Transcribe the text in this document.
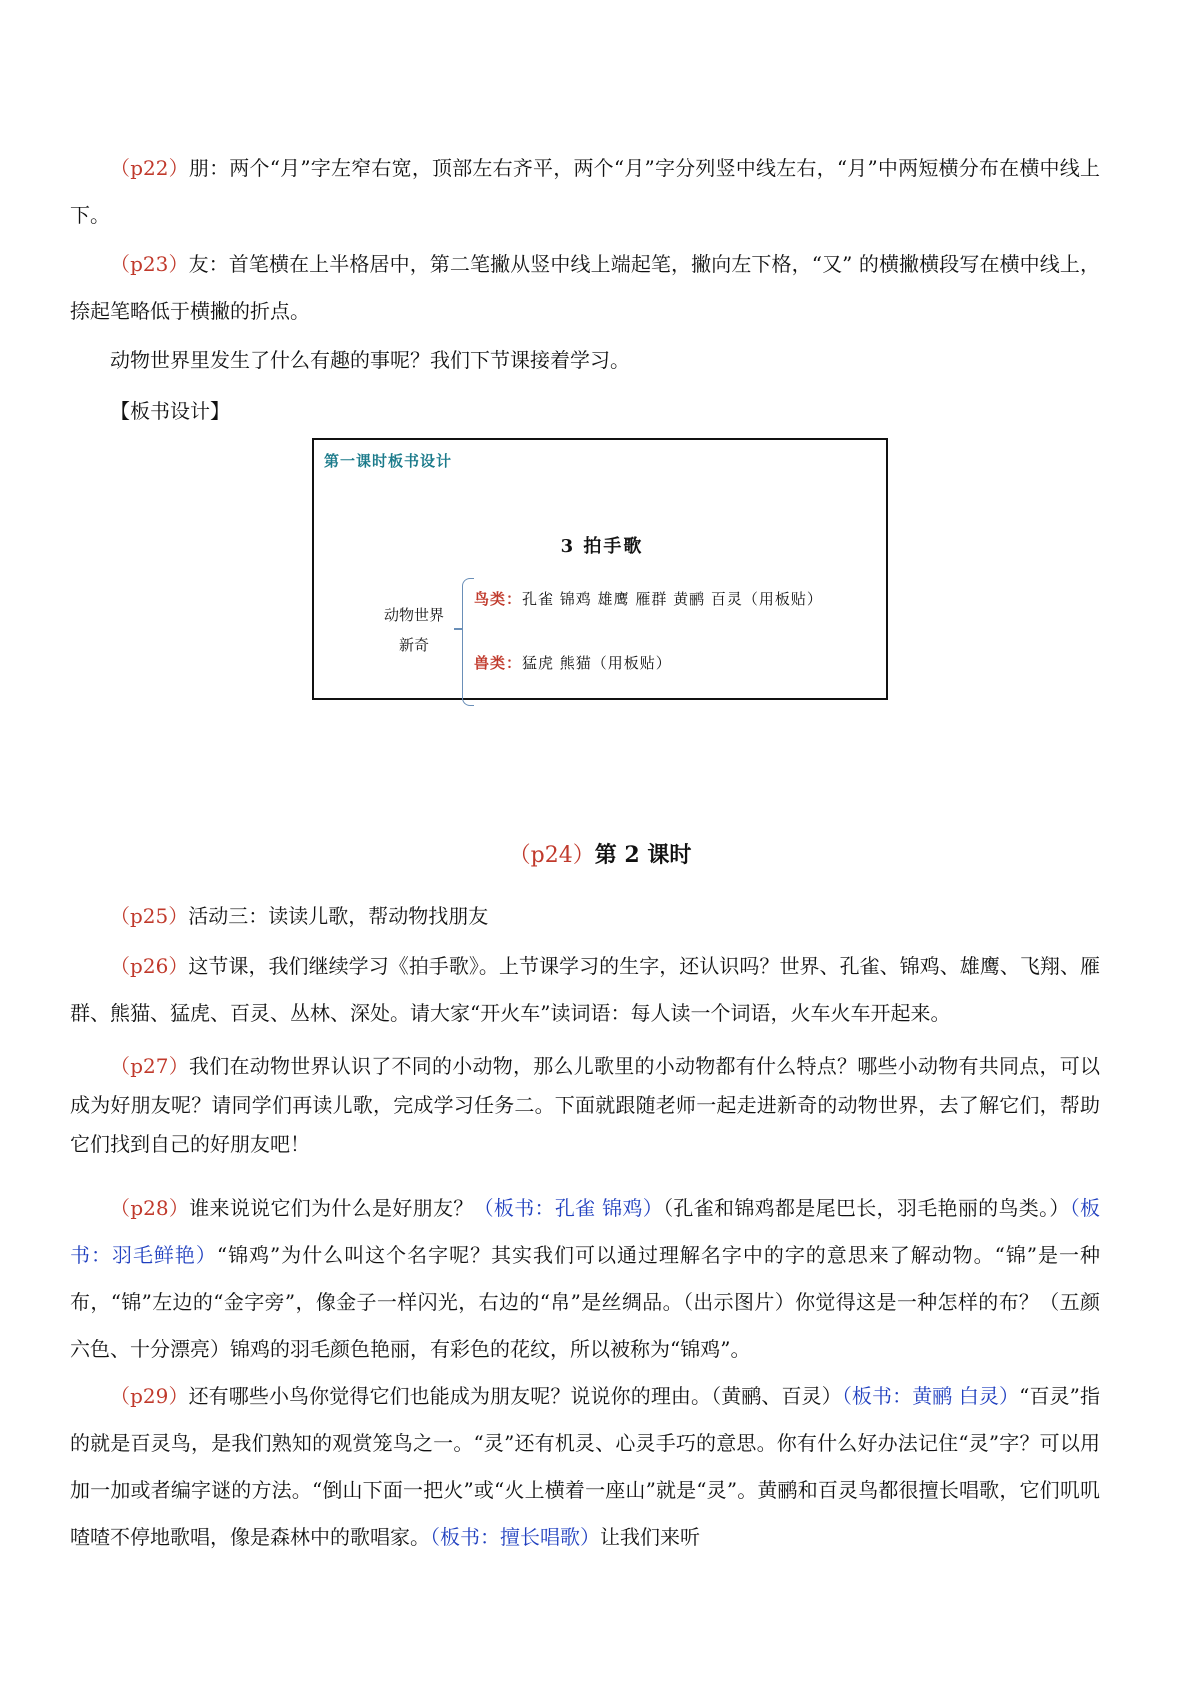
（p22）朋：两个“月”字左窄右宽，顶部左右齐平，两个“月”字分列竖中线左右，“月”中两短横分布在横中线上下。

（p23）友：首笔横在上半格居中，第二笔撇从竖中线上端起笔，撇向左下格，“又” 的横撇横段写在横中线上，捺起笔略低于横撇的折点。

动物世界里发生了什么有趣的事呢？我们下节课接着学习。

【板书设计】

第一课时板书设计
3 拍手歌
动物世界
新奇
鸟类：孔雀 锦鸡 雄鹰 雁群 黄鹂 百灵（用板贴）
兽类：猛虎 熊猫（用板贴）

（p24）第 2 课时

（p25）活动三：读读儿歌，帮动物找朋友

（p26）这节课，我们继续学习《拍手歌》。上节课学习的生字，还认识吗？世界、孔雀、锦鸡、雄鹰、飞翔、雁群、熊猫、猛虎、百灵、丛林、深处。请大家“开火车”读词语：每人读一个词语，火车火车开起来。

（p27）我们在动物世界认识了不同的小动物，那么儿歌里的小动物都有什么特点？哪些小动物有共同点，可以成为好朋友呢？请同学们再读儿歌，完成学习任务二。下面就跟随老师一起走进新奇的动物世界，去了解它们，帮助它们找到自己的好朋友吧！

（p28）谁来说说它们为什么是好朋友？（板书：孔雀 锦鸡）（孔雀和锦鸡都是尾巴长，羽毛艳丽的鸟类。）（板书：羽毛鲜艳）“锦鸡”为什么叫这个名字呢？其实我们可以通过理解名字中的字的意思来了解动物。“锦”是一种布，“锦”左边的“金字旁”，像金子一样闪光，右边的“帛”是丝绸品。（出示图片）你觉得这是一种怎样的布？（五颜六色、十分漂亮）锦鸡的羽毛颜色艳丽，有彩色的花纹，所以被称为“锦鸡”。

（p29）还有哪些小鸟你觉得它们也能成为朋友呢？说说你的理由。（黄鹂、百灵）（板书：黄鹂 白灵）“百灵”指的就是百灵鸟，是我们熟知的观赏笼鸟之一。“灵”还有机灵、心灵手巧的意思。你有什么好办法记住“灵”字？可以用加一加或者编字谜的方法。“倒山下面一把火”或“火上横着一座山”就是“灵”。黄鹂和百灵鸟都很擅长唱歌，它们叽叽喳喳不停地歌唱，像是森林中的歌唱家。（板书：擅长唱歌）让我们来听
